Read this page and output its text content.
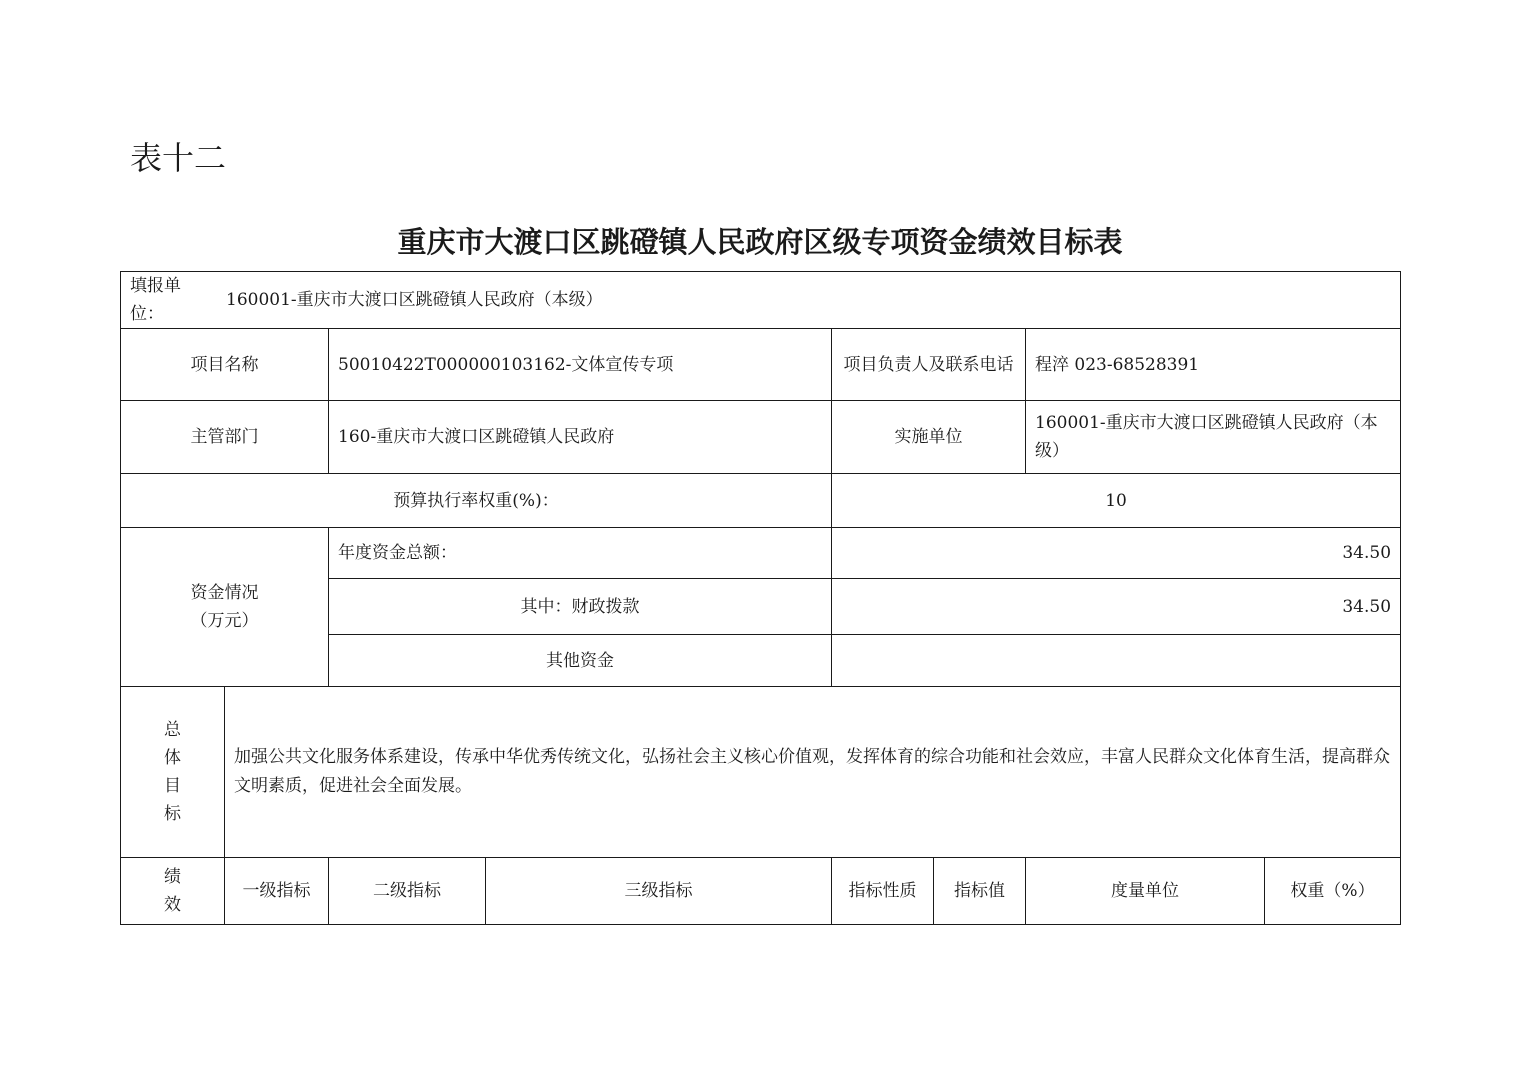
表十二
重庆市大渡口区跳磴镇人民政府区级专项资金绩效目标表
填报单位：160001-重庆市大渡口区跳磴镇人民政府（本级）							
项目名称		50010422T000000103162-文体宣传专项		项目负责人及联系电话		程淬 023-68528391	
主管部门		160-重庆市大渡口区跳磴镇人民政府		实施单位		160001-重庆市大渡口区跳磴镇人民政府（本级）	
预算执行率权重(%)：				10			
资金情况（万元）		年度资金总额：		34.50			
		其中：财政拨款		34.50			
		其他资金					

总体目标	加强公共文化服务体系建设，传承中华优秀传统文化，弘扬社会主义核心价值观，发挥体育的综合功能和社会效应，丰富人民群众文化体育生活，提高群众文明素质，促进社会全面发展。						

绩效	一级指标	二级指标	三级指标	指标性质	指标值	度量单位	权重（%）
